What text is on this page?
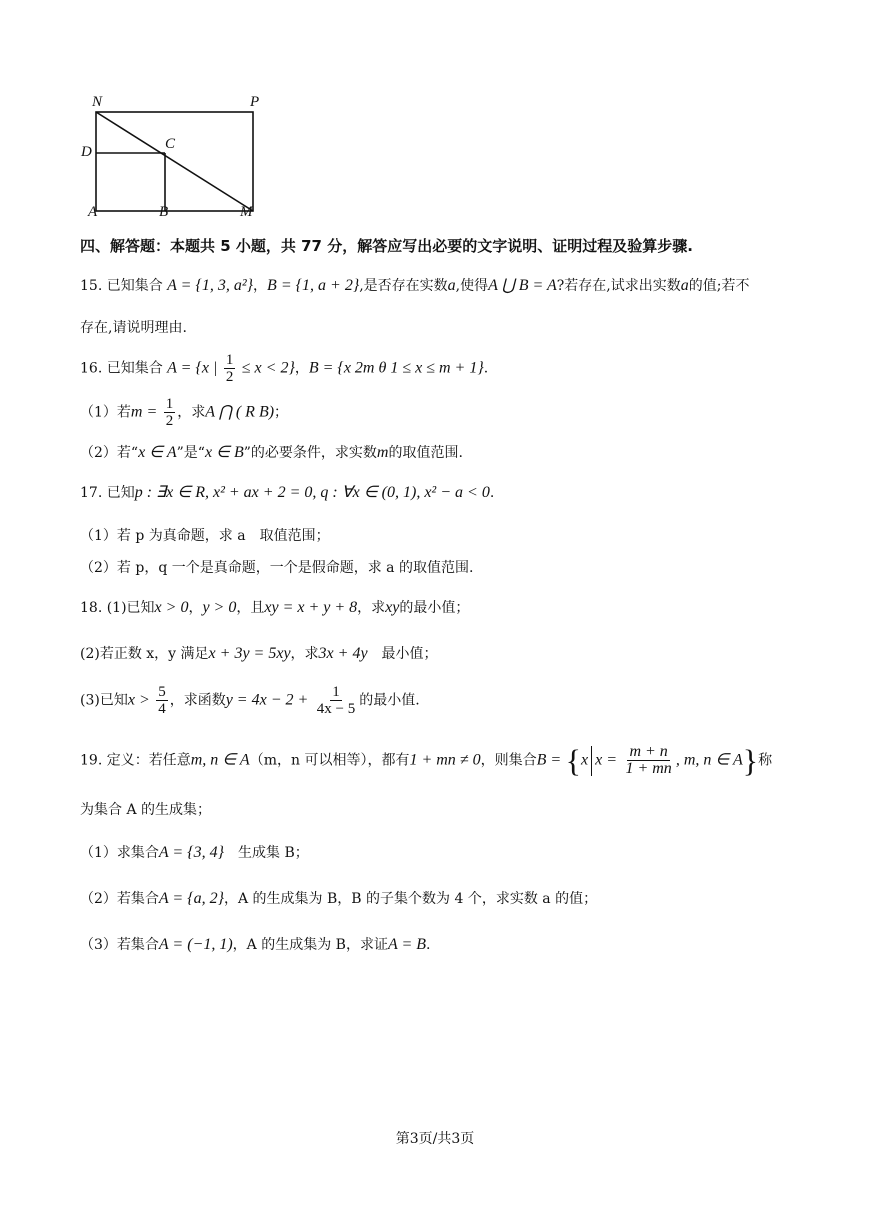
N	P
D	C
A	B	M
四、解答题：本题共 5 小题，共 77 分，解答应写出必要的文字说明、证明过程及验算步骤.
15. 已知集合 A = {1, 3, a²}，B = {1, a + 2},是否存在实数a,使得A ⋃ B = A?若存在,试求出实数a的值;若不
存在,请说明理由.
16. 已知集合 A = {x | $\frac{1}{2} \le x < 2$}，B = {x 2m θ 1 ≤ x ≤ m + 1}.
（1）若$m = \frac{1}{2}$ ，求A ⋂ ( R B)；
（2）若“x ∈ A”是“x ∈ B”的必要条件，求实数m的取值范围.
17. 已知p : ∃x ∈ R, x² + ax + 2 = 0, q : ∀x ∈ (0, 1), x² − a < 0.
（1）若 p 为真命题，求 a　取值范围；
（2）若 p，q 一个是真命题，一个是假命题，求 a 的取值范围.
18. (1)已知x > 0，y > 0，且xy = x + y + 8，求xy的最小值；
(2)若正数 x，y 满足x + 3y = 5xy，求3x + 4y　最小值；
(3)已知$x > \frac{5}{4}$ ，求函数$y = 4x - 2 + \frac{1}{4x - 5}$ 的最小值.
19. 定义：若任意m, n ∈ A（m，n 可以相等），都有1 + mn ≠ 0，则集合B = {x $x = \frac{m + n}{1 + mn}$ , m, n ∈ A}称
为集合 A 的生成集；
（1）求集合A = {3, 4}　生成集 B；
（2）若集合A = {a, 2}，A 的生成集为 B，B 的子集个数为 4 个，求实数 a 的值；
（3）若集合A = (−1, 1)，A 的生成集为 B，求证A = B.
第3页/共3页
